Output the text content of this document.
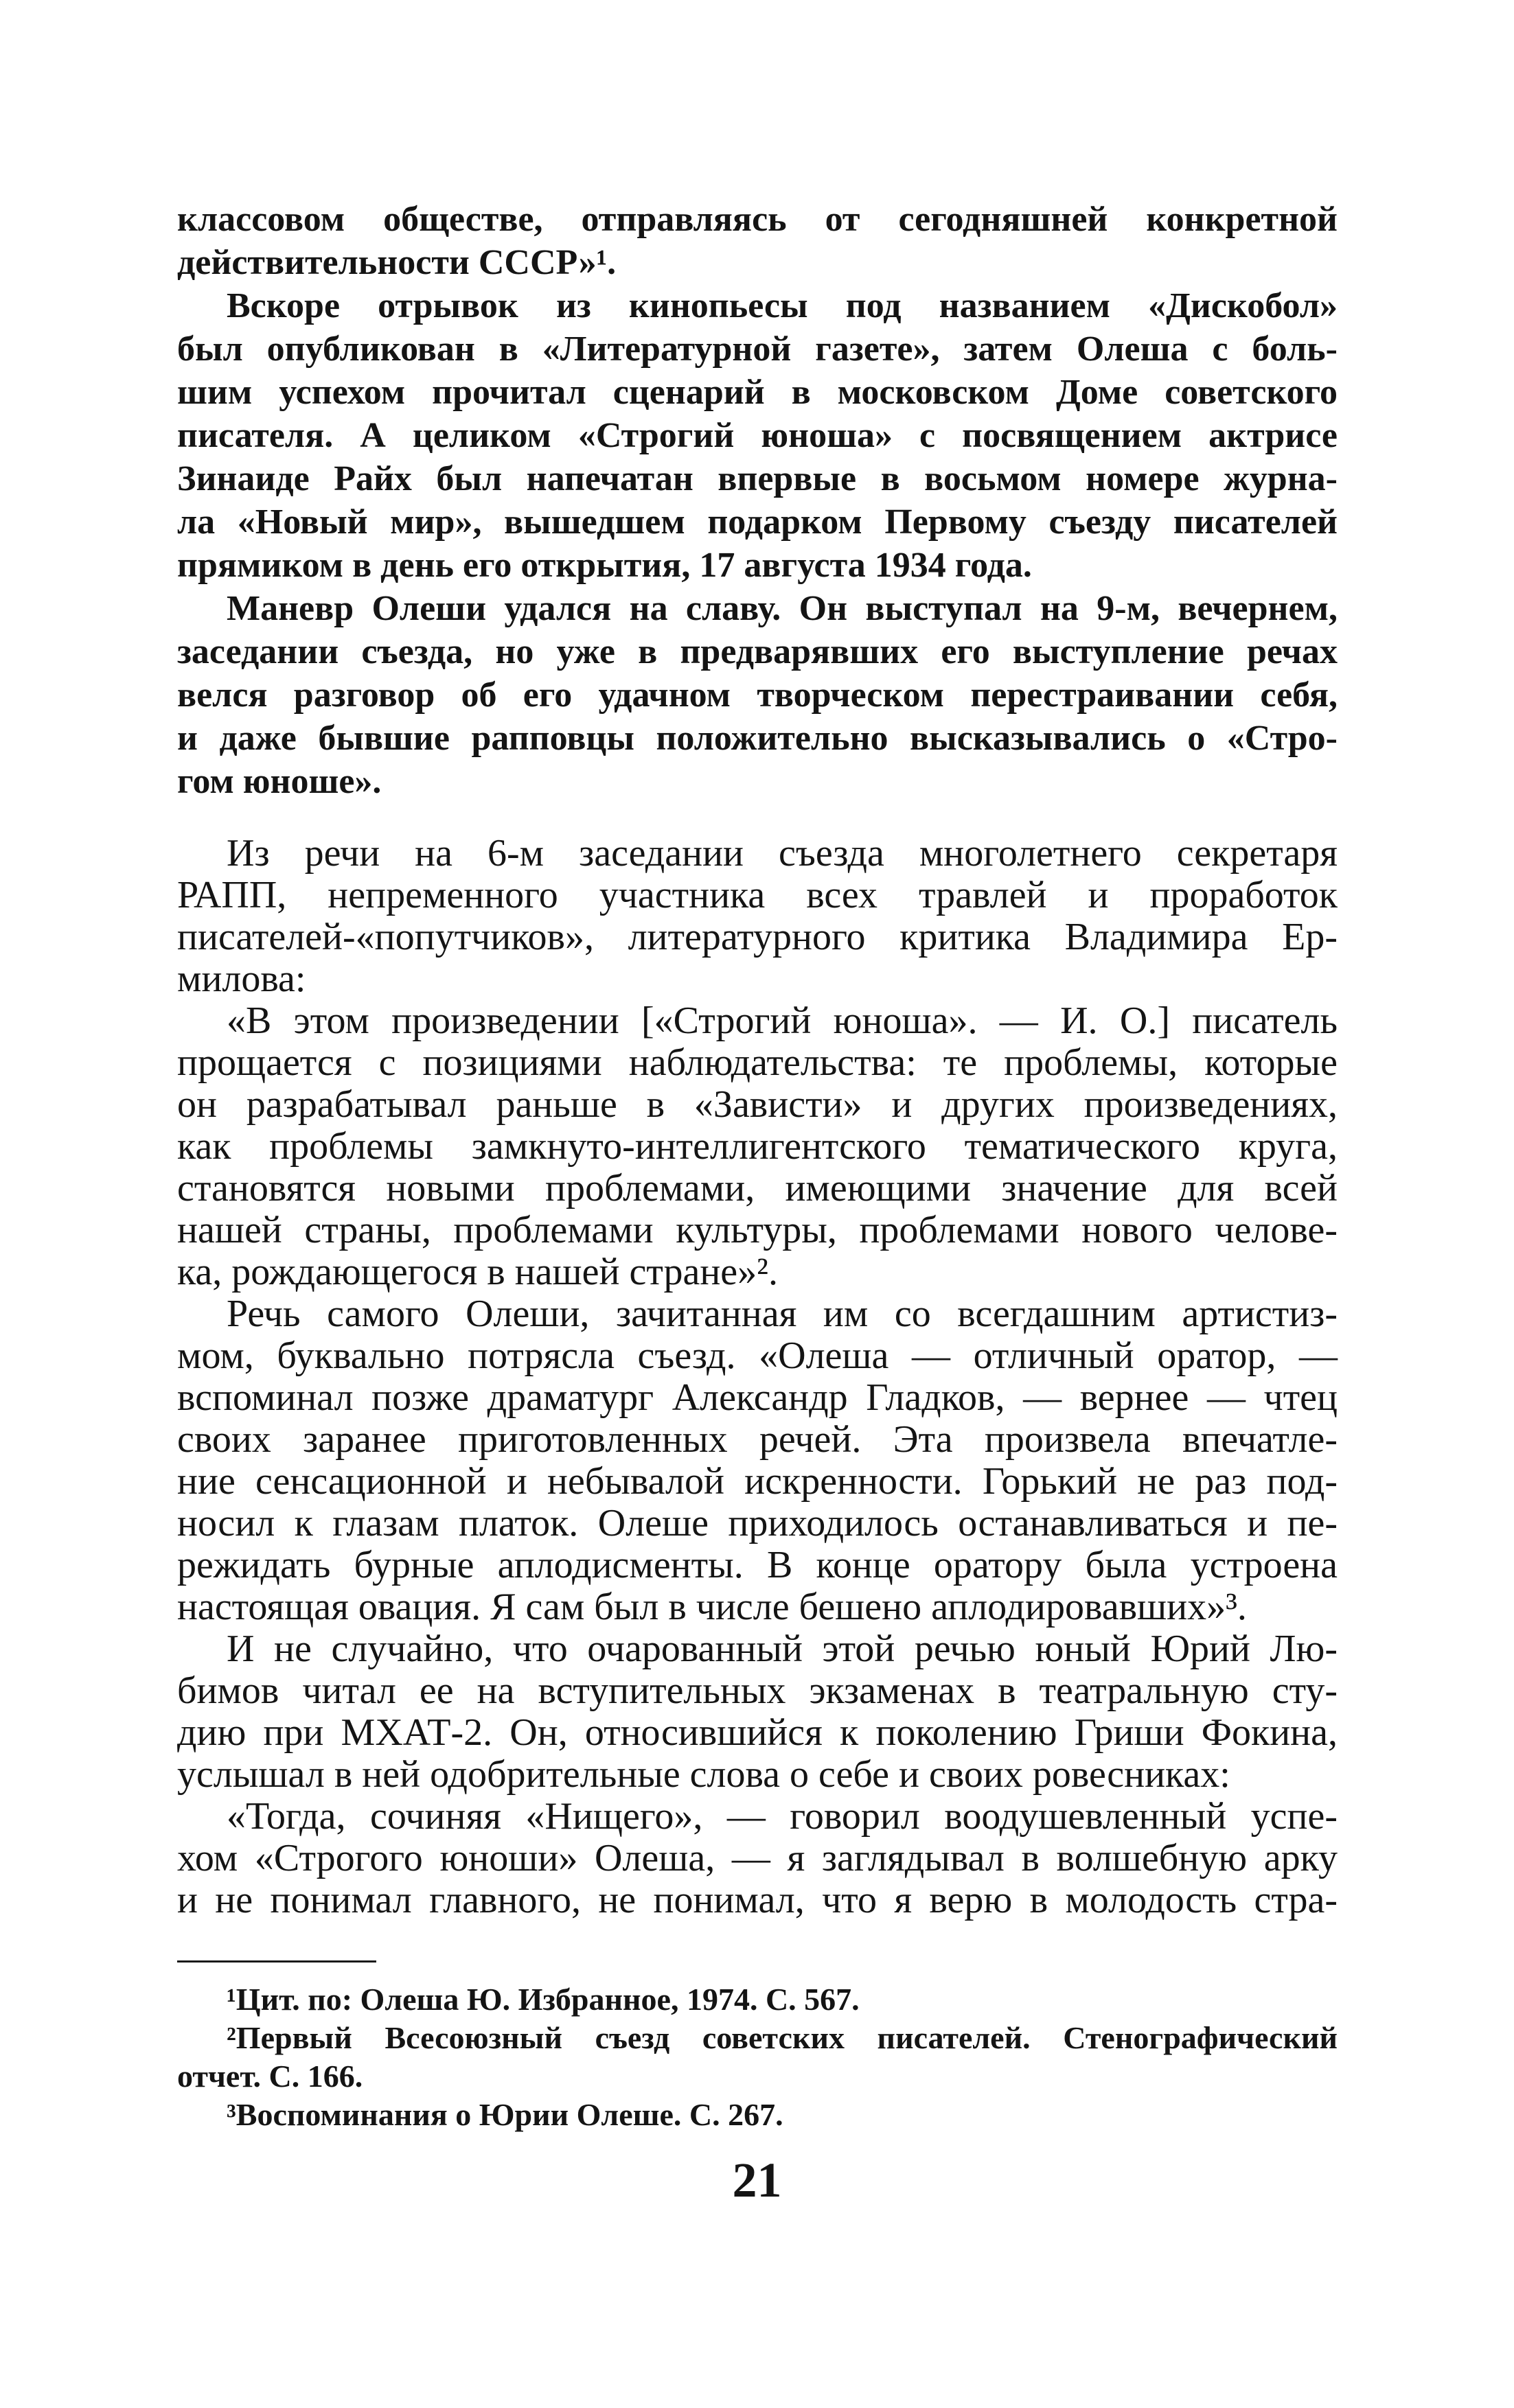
классовом обществе, отправляясь от сегодняшней конкретной
действительности СССР»¹.
Вскоре отрывок из кинопьесы под названием «Дискобол»
был опубликован в «Литературной газете», затем Олеша с боль-
шим успехом прочитал сценарий в московском Доме советского
писателя. А целиком «Строгий юноша» с посвящением актрисе
Зинаиде Райх был напечатан впервые в восьмом номере журна-
ла «Новый мир», вышедшем подарком Первому съезду писателей
прямиком в день его открытия, 17 августа 1934 года.
Маневр Олеши удался на славу. Он выступал на 9-м, вечернем,
заседании съезда, но уже в предварявших его выступление речах
велся разговор об его удачном творческом перестраивании себя,
и даже бывшие рапповцы положительно высказывались о «Стро-
гом юноше».
Из речи на 6-м заседании съезда многолетнего секретаря
РАПП, непременного участника всех травлей и проработок
писателей-«попутчиков», литературного критика Владимира Ер-
милова:
«В этом произведении [«Строгий юноша». — И. О.] писатель
прощается с позициями наблюдательства: те проблемы, которые
он разрабатывал раньше в «Зависти» и других произведениях,
как проблемы замкнуто-интеллигентского тематического круга,
становятся новыми проблемами, имеющими значение для всей
нашей страны, проблемами культуры, проблемами нового челове-
ка, рождающегося в нашей стране»².
Речь самого Олеши, зачитанная им со всегдашним артистиз-
мом, буквально потрясла съезд. «Олеша — отличный оратор, —
вспоминал позже драматург Александр Гладков, — вернее — чтец
своих заранее приготовленных речей. Эта произвела впечатле-
ние сенсационной и небывалой искренности. Горький не раз под-
носил к глазам платок. Олеше приходилось останавливаться и пе-
режидать бурные аплодисменты. В конце оратору была устроена
настоящая овация. Я сам был в числе бешено аплодировавших»³.
И не случайно, что очарованный этой речью юный Юрий Лю-
бимов читал ее на вступительных экзаменах в театральную сту-
дию при МХАТ-2. Он, относившийся к поколению Гриши Фокина,
услышал в ней одобрительные слова о себе и своих ровесниках:
«Тогда, сочиняя «Нищего», — говорил воодушевленный успе-
хом «Строгого юноши» Олеша, — я заглядывал в волшебную арку
и не понимал главного, не понимал, что я верю в молодость стра-
¹Цит. по: Олеша Ю. Избранное, 1974. С. 567.
²Первый Всесоюзный съезд советских писателей. Стенографический
отчет. С. 166.
³Воспоминания о Юрии Олеше. С. 267.
21
